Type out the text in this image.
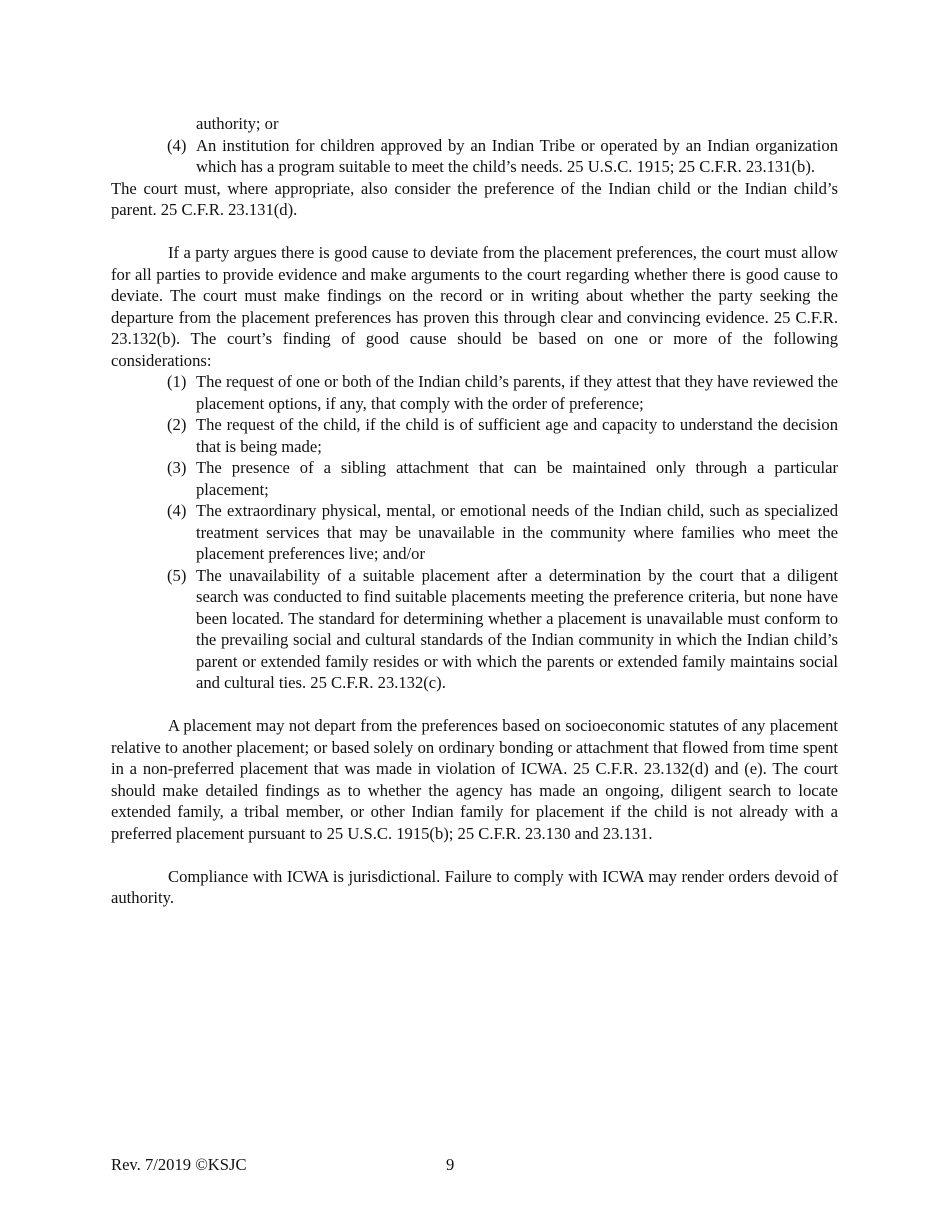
authority; or
(4) An institution for children approved by an Indian Tribe or operated by an Indian organization which has a program suitable to meet the child’s needs. 25 U.S.C. 1915; 25 C.F.R. 23.131(b).

The court must, where appropriate, also consider the preference of the Indian child or the Indian child’s parent. 25 C.F.R. 23.131(d).

If a party argues there is good cause to deviate from the placement preferences, the court must allow for all parties to provide evidence and make arguments to the court regarding whether there is good cause to deviate. The court must make findings on the record or in writing about whether the party seeking the departure from the placement preferences has proven this through clear and convincing evidence. 25 C.F.R. 23.132(b). The court’s finding of good cause should be based on one or more of the following considerations:

(1) The request of one or both of the Indian child’s parents, if they attest that they have reviewed the placement options, if any, that comply with the order of preference;
(2) The request of the child, if the child is of sufficient age and capacity to understand the decision that is being made;
(3) The presence of a sibling attachment that can be maintained only through a particular placement;
(4) The extraordinary physical, mental, or emotional needs of the Indian child, such as specialized treatment services that may be unavailable in the community where families who meet the placement preferences live; and/or
(5) The unavailability of a suitable placement after a determination by the court that a diligent search was conducted to find suitable placements meeting the preference criteria, but none have been located. The standard for determining whether a placement is unavailable must conform to the prevailing social and cultural standards of the Indian community in which the Indian child’s parent or extended family resides or with which the parents or extended family maintains social and cultural ties. 25 C.F.R. 23.132(c).

A placement may not depart from the preferences based on socioeconomic statutes of any placement relative to another placement; or based solely on ordinary bonding or attachment that flowed from time spent in a non-preferred placement that was made in violation of ICWA. 25 C.F.R. 23.132(d) and (e). The court should make detailed findings as to whether the agency has made an ongoing, diligent search to locate extended family, a tribal member, or other Indian family for placement if the child is not already with a preferred placement pursuant to 25 U.S.C. 1915(b); 25 C.F.R. 23.130 and 23.131.

Compliance with ICWA is jurisdictional. Failure to comply with ICWA may render orders devoid of authority.

Rev. 7/2019 ©KSJC	9
